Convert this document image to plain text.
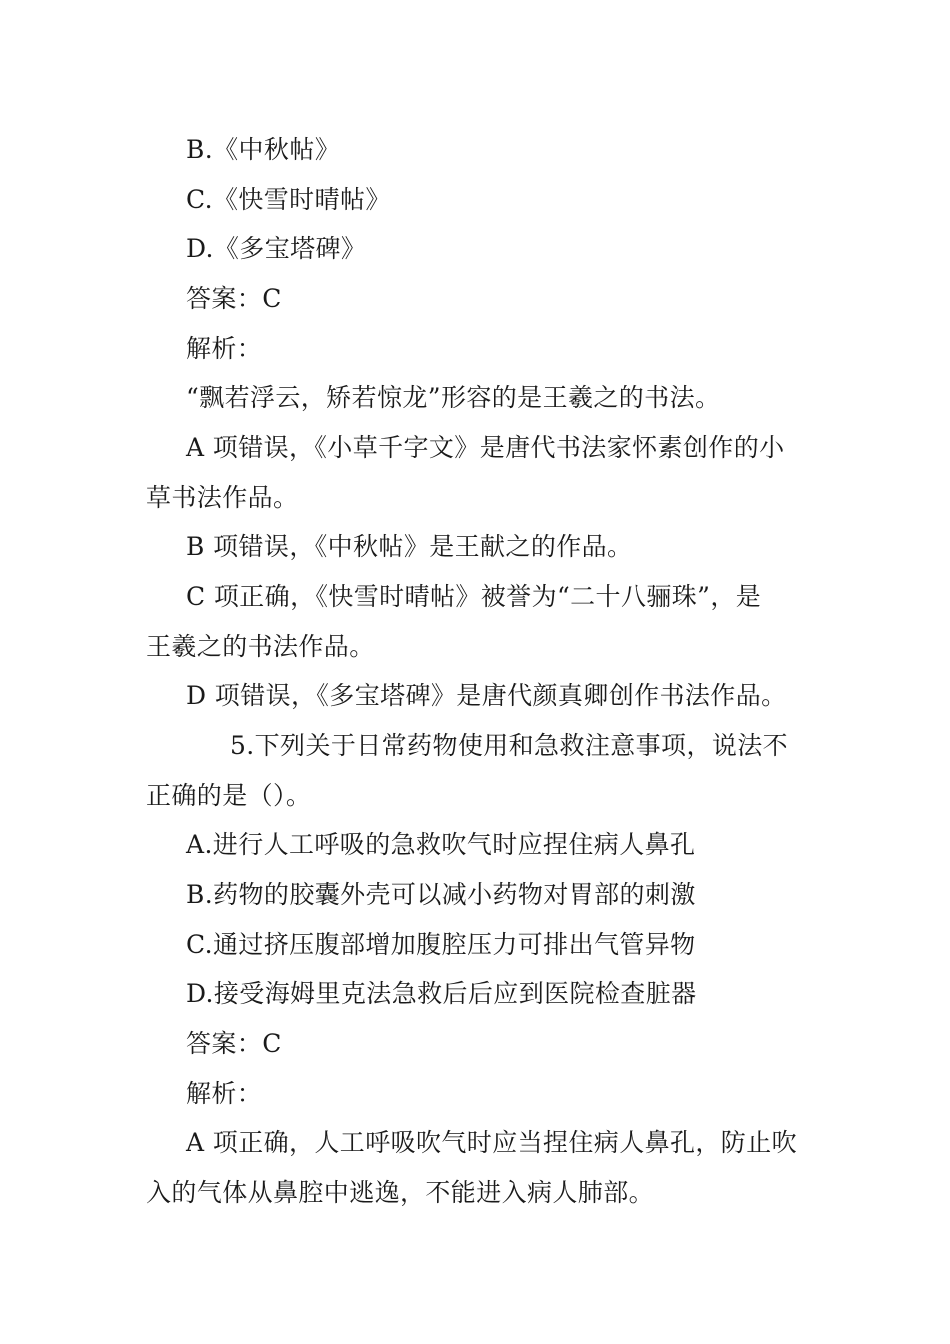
B.《中秋帖》
C.《快雪时晴帖》
D.《多宝塔碑》
答案：C
解析：
“飘若浮云，矫若惊龙”形容的是王羲之的书法。
A 项错误，《小草千字文》是唐代书法家怀素创作的小
草书法作品。
B 项错误，《中秋帖》是王献之的作品。
C 项正确，《快雪时晴帖》被誉为“二十八骊珠”，是
王羲之的书法作品。
D 项错误，《多宝塔碑》是唐代颜真卿创作书法作品。
5.下列关于日常药物使用和急救注意事项，说法不
正确的是（）。
A.进行人工呼吸的急救吹气时应捏住病人鼻孔
B.药物的胶囊外壳可以减小药物对胃部的刺激
C.通过挤压腹部增加腹腔压力可排出气管异物
D.接受海姆里克法急救后后应到医院检查脏器
答案：C
解析：
A 项正确，人工呼吸吹气时应当捏住病人鼻孔，防止吹
入的气体从鼻腔中逃逸，不能进入病人肺部。
